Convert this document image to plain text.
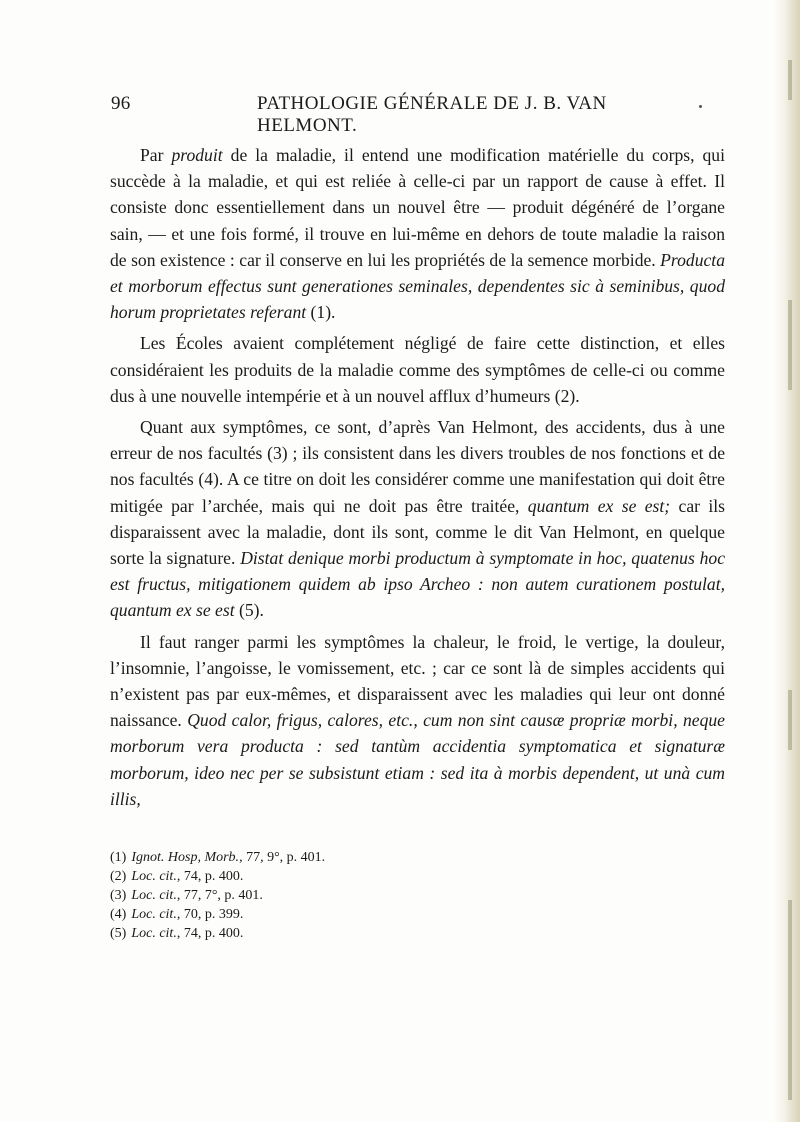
96	PATHOLOGIE GÉNÉRALE DE J. B. VAN HELMONT.

Par produit de la maladie, il entend une modification matérielle du corps, qui succède à la maladie, et qui est reliée à celle-ci par un rapport de cause à effet. Il consiste donc essentiellement dans un nouvel être — produit dégénéré de l’organe sain, — et une fois formé, il trouve en lui-même en dehors de toute maladie la raison de son existence : car il conserve en lui les propriétés de la semence morbide. Producta et morborum effectus sunt generationes seminales, dependentes sic à seminibus, quod horum proprietates referant (1).

Les Écoles avaient complétement négligé de faire cette distinction, et elles considéraient les produits de la maladie comme des symptômes de celle-ci ou comme dus à une nouvelle intempérie et à un nouvel afflux d’humeurs (2).

Quant aux symptômes, ce sont, d’après Van Helmont, des accidents, dus à une erreur de nos facultés (3) ; ils consistent dans les divers troubles de nos fonctions et de nos facultés (4). A ce titre on doit les considérer comme une manifestation qui doit être mitigée par l’archée, mais qui ne doit pas être traitée, quantum ex se est; car ils disparaissent avec la maladie, dont ils sont, comme le dit Van Helmont, en quelque sorte la signature. Distat denique morbi productum à symptomate in hoc, quatenus hoc est fructus, mitigationem quidem ab ipso Archeo : non autem curationem postulat, quantum ex se est (5).

Il faut ranger parmi les symptômes la chaleur, le froid, le vertige, la douleur, l’insomnie, l’angoisse, le vomissement, etc. ; car ce sont là de simples accidents qui n’existent pas par eux-mêmes, et disparaissent avec les maladies qui leur ont donné naissance. Quod calor, frigus, calores, etc., cum non sint causæ propriæ morbi, neque morborum vera producta : sed tantùm accidentia symptomatica et signaturæ morborum, ideo nec per se subsistunt etiam : sed ita à morbis dependent, ut unà cum illis,

(1) Ignot. Hosp, Morb., 77, 9°, p. 401.
(2) Loc. cit., 74, p. 400.
(3) Loc. cit., 77, 7°, p. 401.
(4) Loc. cit., 70, p. 399.
(5) Loc. cit., 74, p. 400.
